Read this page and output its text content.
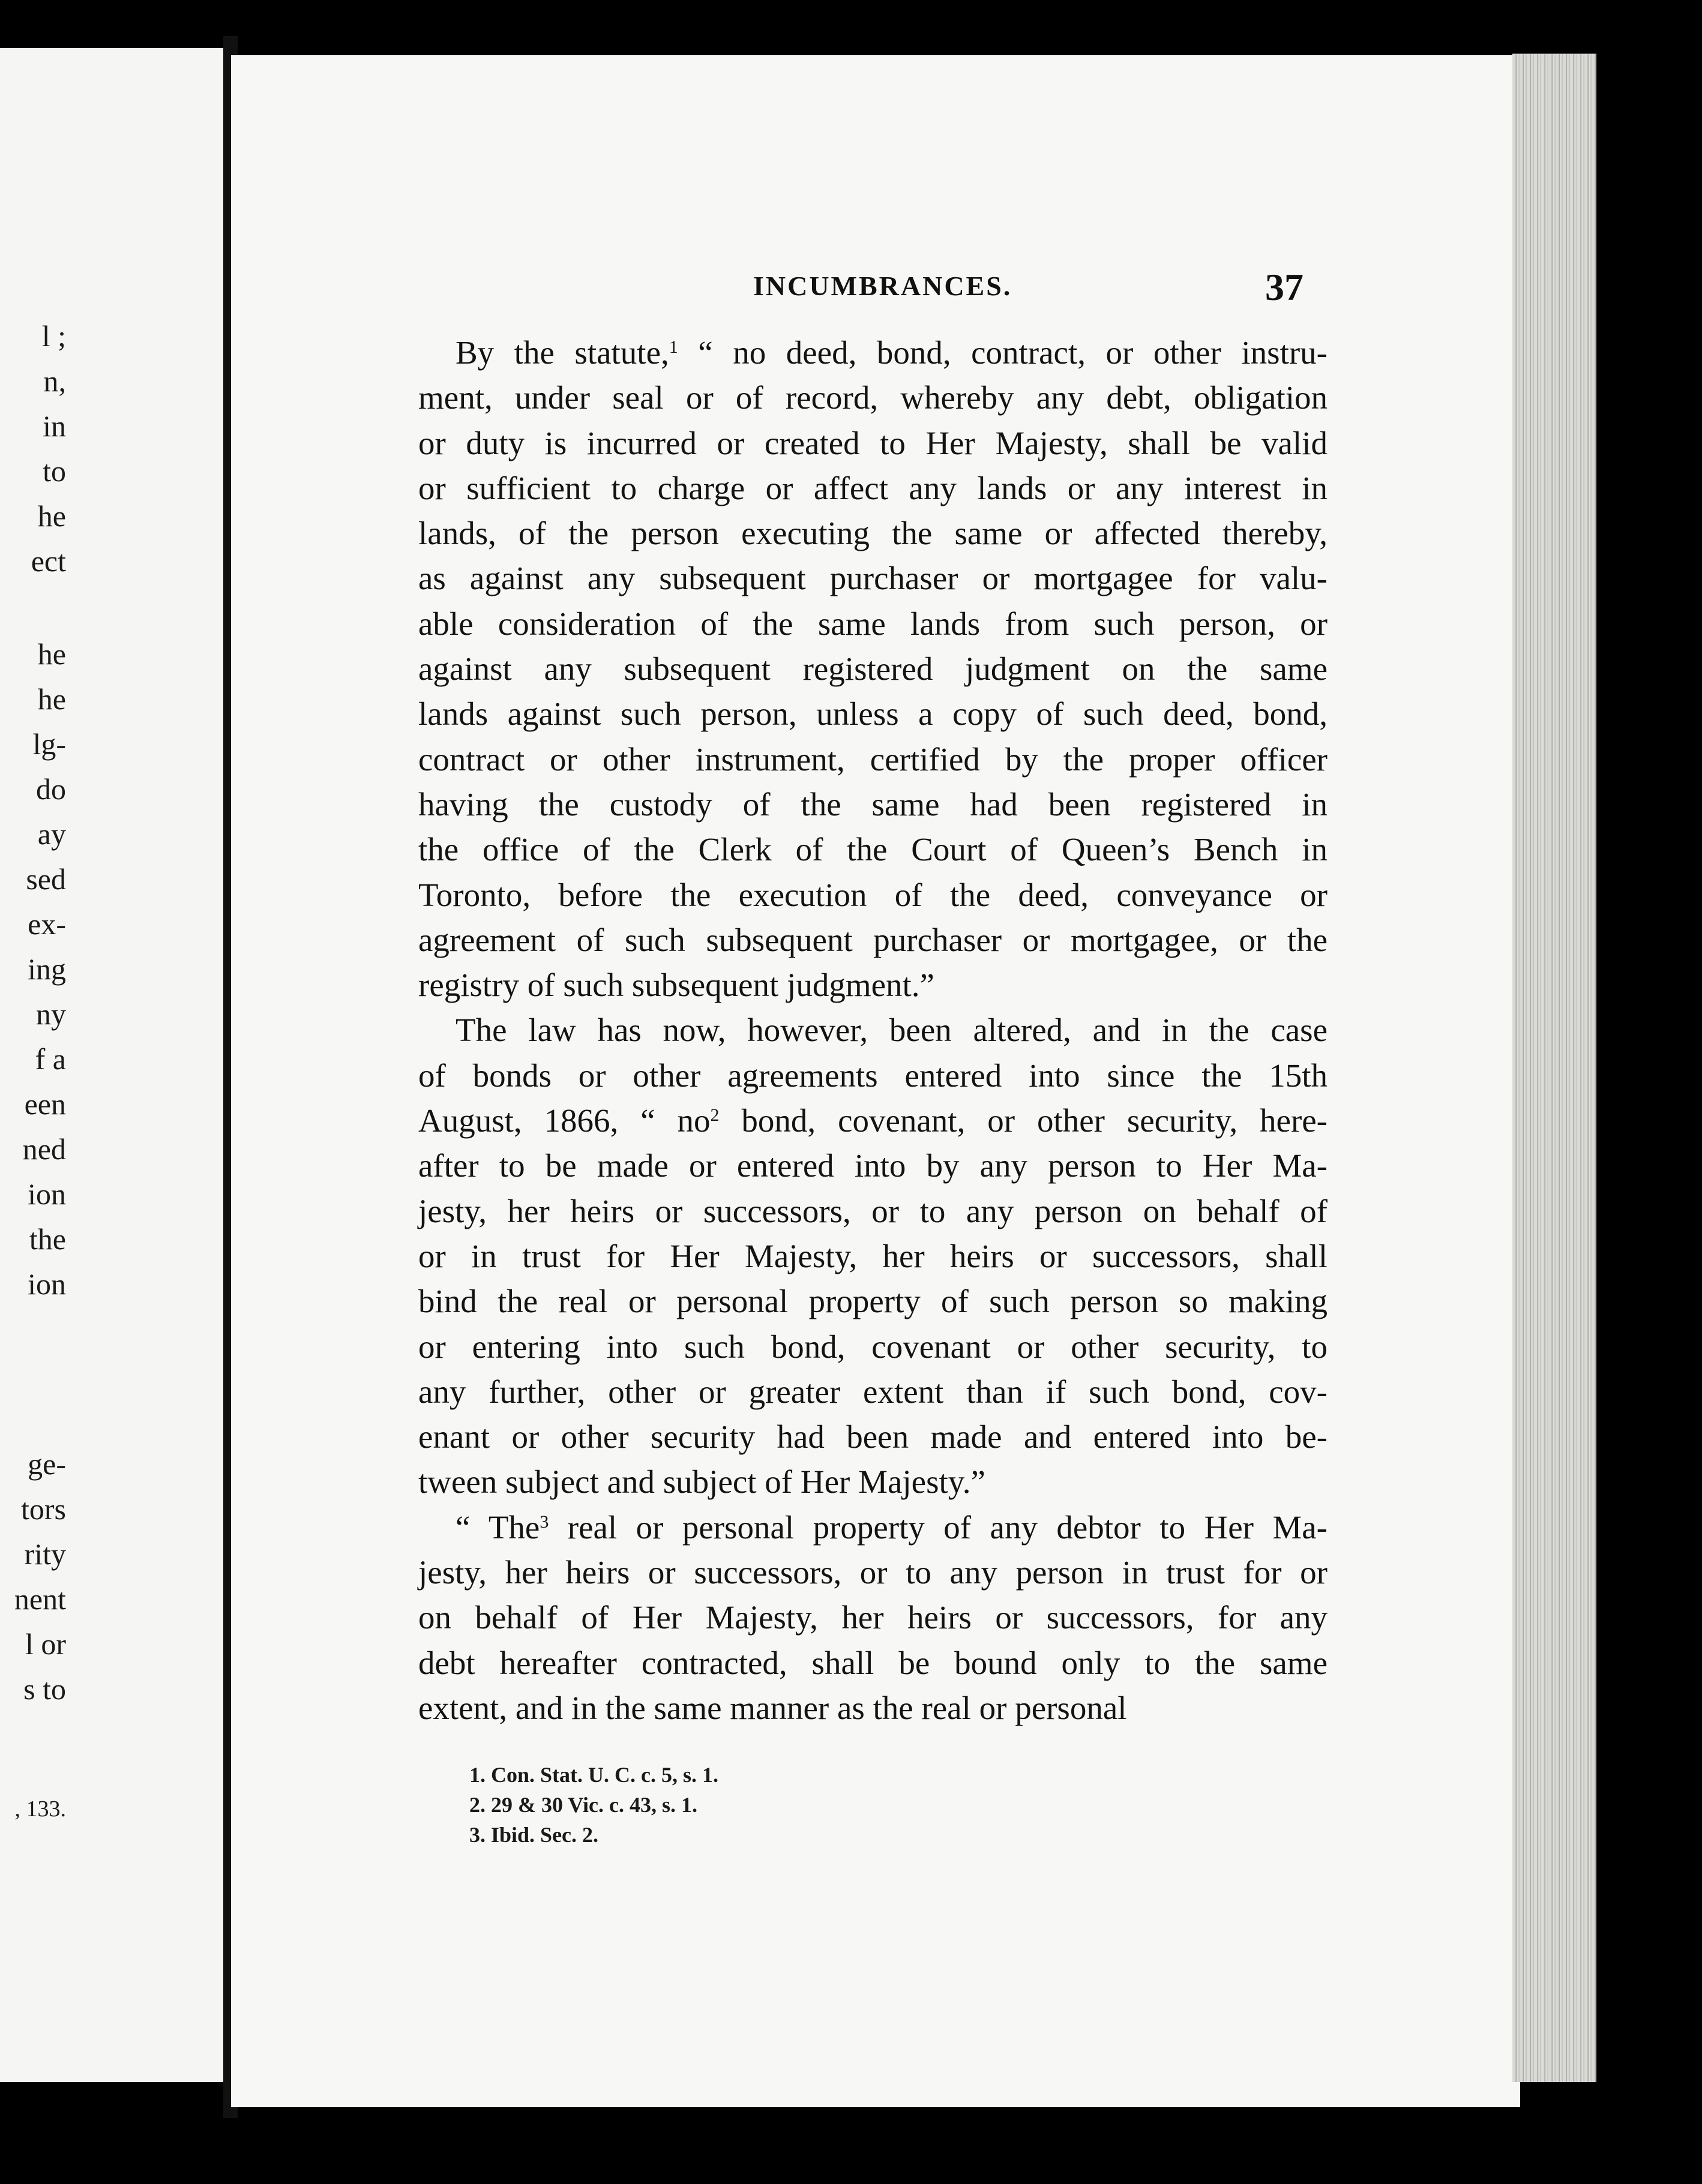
l ;
n,
in
to
he
ect
he
he
lg-
do
ay
sed
ex-
ing
ny
f a
een
ned
ion
the
ion
ge-
tors
rity
nent
l or
s to
, 133.
INCUMBRANCES.	37
By the statute,$^1$ “ no deed, bond, contract, or other instru-
ment, under seal or of record, whereby any debt, obligation
or duty is incurred or created to Her Majesty, shall be valid
or sufficient to charge or affect any lands or any interest in
lands, of the person executing the same or affected thereby,
as against any subsequent purchaser or mortgagee for valu-
able consideration of the same lands from such person, or
against any subsequent registered judgment on the same
lands against such person, unless a copy of such deed, bond,
contract or other instrument, certified by the proper officer
having the custody of the same had been registered in
the office of the Clerk of the Court of Queen’s Bench in
Toronto, before the execution of the deed, conveyance or
agreement of such subsequent purchaser or mortgagee, or the
registry of such subsequent judgment.”
The law has now, however, been altered, and in the case
of bonds or other agreements entered into since the 15th
August, 1866, “ $no^2$ bond, covenant, or other security, here-
after to be made or entered into by any person to Her Ma-
jesty, her heirs or successors, or to any person on behalf of
or in trust for Her Majesty, her heirs or successors, shall
bind the real or personal property of such person so making
or entering into such bond, covenant or other security, to
any further, other or greater extent than if such bond, cov-
enant or other security had been made and entered into be-
tween subject and subject of Her Majesty.”
“ The$^3$ real or personal property of any debtor to Her Ma-
jesty, her heirs or successors, or to any person in trust for or
on behalf of Her Majesty, her heirs or successors, for any
debt hereafter contracted, shall be bound only to the same
extent, and in the same manner as the real or personal
1. Con. Stat. U. C. c. 5, s. 1.
2. 29 & 30 Vic. c. 43, s. 1.
3. Ibid. Sec. 2.
